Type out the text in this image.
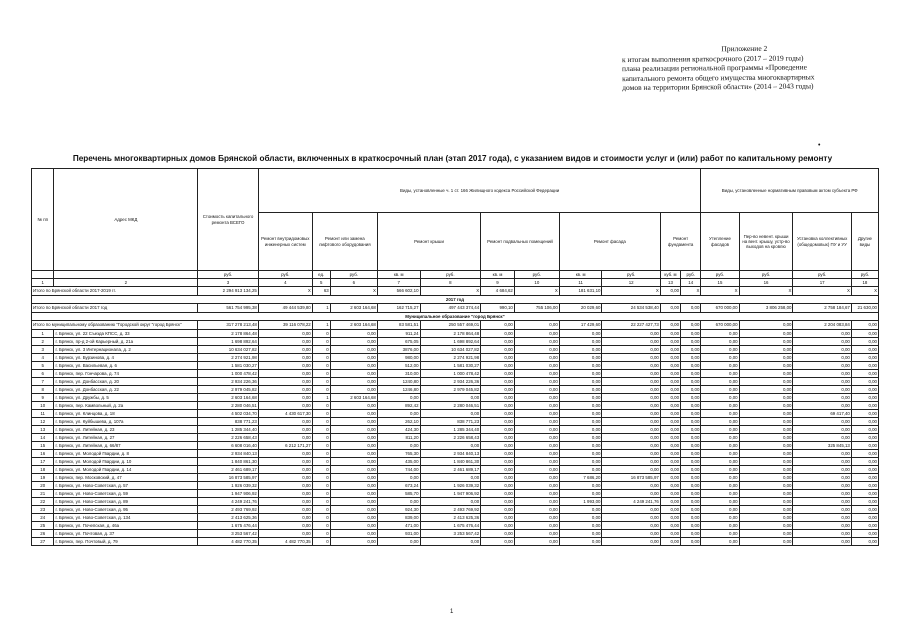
Приложение 2
к итогам выполнения краткосрочного (2017 – 2019 годы)
плана реализации региональной программы «Проведение
капитального ремонта общего имущества многоквартирных
домов на территории Брянской области» (2014 – 2043 годы)
•
Перечень многоквартирных домов Брянской области, включенных в краткосрочный план (этап 2017 года), с указанием видов и стоимости услуг и (или) работ по капитальному ремонту
№ пп	Адрес МКД	Стоимость капитального ремонта ВСЕГО	Виды, установленные ч. 1 ст. 166 Жилищного кодекса Российской Федерации											Виды, установленные нормативным правовым актом субъекта РФ			
			Ремонт внутридомовых инженерных систем	Ремонт или замена лифтового оборудования		Ремонт крыши		Ремонт подвальных помещений		Ремонт фасада		Ремонт фундамента		Утепление фасадов	Пер-во невент. крыши на вент. крышу, устр-во выходов на кровлю	Установка коллективных (общедомовых) ПУ и УУ	Другие виды
		руб.	руб.	ед.	руб.	кв. м	руб.	кв. м	руб.	кв. м	руб.	куб. м	руб.	руб.	руб.	руб.	руб.
1	2	3	4	5	6	7	8	9	10	11	12	13	14	15	16	17	18
Итого по Брянской области 2017-2019 гг.		2 294 913 134,25	X	63	X	566 602,10	X	4 684,62	X	181 631,10	X	0,00	X	X	X	X	X
2017 год																	
Итого по Брянской области 2017 год		561 754 995,38	49 444 539,80	1	2 603 164,68	162 715,27	497 443 374,44	990,10	755 106,00	20 029,60	24 534 538,40	0,00	0,00	670 000,00	3 806 258,00	2 758 184,67	21 630,00
Муниципальное образование "город Брянск"																	
Итого по муниципальному образованию "Городской округ "город Брянск"		317 278 213,48	39 116 078,22	1	2 603 164,68	83 581,51	250 557 469,01	0,00	0,00	17 429,60	22 227 427,73	0,00	0,00	670 000,00	0,00	2 204 083,84	0,00
1	г. Брянск, ул. 22 Съезда КПСС, д. 33	2 178 864,48	0,00	0	0,00	911,24	2 178 864,48	0,00	0,00	0,00	0,00	0,00	0,00	0,00	0,00	0,00	0,00
2	г. Брянск, пр-д 2-ой Карьерный, д. 21а	1 698 892,64	0,00	0	0,00	675,05	1 698 892,64	0,00	0,00	0,00	0,00	0,00	0,00	0,00	0,00	0,00	0,00
3	г. Брянск, ул. 3 Интернационала, д. 2	10 634 027,82	0,00	0	0,00	3876,00	10 634 027,82	0,00	0,00	0,00	0,00	0,00	0,00	0,00	0,00	0,00	0,00
4	г. Брянск, ул. Бурзинова, д. 4	2 274 921,98	0,00	0	0,00	980,00	2 274 921,98	0,00	0,00	0,00	0,00	0,00	0,00	0,00	0,00	0,00	0,00
5	г. Брянск, ул. Васильевая, д. 6	1 581 030,27	0,00	0	0,00	512,00	1 581 030,27	0,00	0,00	0,00	0,00	0,00	0,00	0,00	0,00	0,00	0,00
6	г. Брянск, пер. Гончарова, д. 74	1 000 478,42	0,00	0	0,00	310,00	1 000 478,42	0,00	0,00	0,00	0,00	0,00	0,00	0,00	0,00	0,00	0,00
7	г. Брянск, ул. Донбасская, д. 20	2 934 226,36	0,00	0	0,00	1240,80	2 934 226,36	0,00	0,00	0,00	0,00	0,00	0,00	0,00	0,00	0,00	0,00
8	г. Брянск, ул. Донбасская, д. 22	2 979 045,82	0,00	0	0,00	1246,80	2 979 045,82	0,00	0,00	0,00	0,00	0,00	0,00	0,00	0,00	0,00	0,00
9	г. Брянск, ул. Дружбы, д. 5	2 603 164,68	0,00	1	2 603 164,68	0,00	0,00	0,00	0,00	0,00	0,00	0,00	0,00	0,00	0,00	0,00	0,00
10	г. Брянск, пер. Камвольный, д. 2а	2 280 046,51	0,00	0	0,00	892,42	2 280 046,51	0,00	0,00	0,00	0,00	0,00	0,00	0,00	0,00	0,00	0,00
11	г. Брянск, ул. Клинцова, д. 18	4 502 034,70	4 430 617,30	0	0,00	0,00	0,00	0,00	0,00	0,00	0,00	0,00	0,00	0,00	0,00	69 417,40	0,00
12	г. Брянск, ул. Куйбышева, д. 107а	838 771,23	0,00	0	0,00	262,10	838 771,23	0,00	0,00	0,00	0,00	0,00	0,00	0,00	0,00	0,00	0,00
13	г. Брянск, ул. Литейная, д. 23	1 285 344,40	0,00	0	0,00	424,30	1 285 344,40	0,00	0,00	0,00	0,00	0,00	0,00	0,00	0,00	0,00	0,00
14	г. Брянск, ул. Литейная, д. 27	2 226 658,43	0,00	0	0,00	811,20	2 226 658,43	0,00	0,00	0,00	0,00	0,00	0,00	0,00	0,00	0,00	0,00
15	г. Брянск, ул. Литейная, д. 66/87	6 608 016,40	6 212 171,27	0	0,00	0,00	0,00	0,00	0,00	0,00	0,00	0,00	0,00	0,00	0,00	325 845,13	0,00
16	г. Брянск, ул. Молодой Гвардии, д. 8	2 934 840,13	0,00	0	0,00	765,30	2 934 840,13	0,00	0,00	0,00	0,00	0,00	0,00	0,00	0,00	0,00	0,00
17	г. Брянск, ул. Молодой Гвардии, д. 10	1 840 861,30	0,00	0	0,00	435,00	1 840 861,30	0,00	0,00	0,00	0,00	0,00	0,00	0,00	0,00	0,00	0,00
18	г. Брянск, ул. Молодой Гвардии, д. 14	2 461 689,17	0,00	0	0,00	744,00	2 461 689,17	0,00	0,00	0,00	0,00	0,00	0,00	0,00	0,00	0,00	0,00
19	г. Брянск, пер. Московский, д. 47	16 873 585,97	0,00	0	0,00	0,00	0,00	0,00	0,00	7 686,20	16 873 585,97	0,00	0,00	0,00	0,00	0,00	0,00
20	г. Брянск, ул. Ново-Советская, д. 57	1 926 039,32	0,00	0	0,00	673,24	1 926 039,32	0,00	0,00	0,00	0,00	0,00	0,00	0,00	0,00	0,00	0,00
21	г. Брянск, ул. Ново-Советская, д. 59	1 947 906,92	0,00	0	0,00	585,70	1 947 906,92	0,00	0,00	0,00	0,00	0,00	0,00	0,00	0,00	0,00	0,00
22	г. Брянск, ул. Ново-Советская, д. 89	4 249 241,76	0,00	0	0,00	0,00	0,00	0,00	0,00	1 993,00	4 249 241,76	0,00	0,00	0,00	0,00	0,00	0,00
23	г. Брянск, ул. Ново-Советская, д. 95	2 493 769,92	0,00	0	0,00	924,30	2 493 769,92	0,00	0,00	0,00	0,00	0,00	0,00	0,00	0,00	0,00	0,00
24	г. Брянск, ул. Ново-Советская, д. 134	2 413 625,36	0,00	0	0,00	839,00	2 413 625,36	0,00	0,00	0,00	0,00	0,00	0,00	0,00	0,00	0,00	0,00
25	г. Брянск, ул. Почепская, д. 46а	1 675 476,44	0,00	0	0,00	471,00	1 675 476,44	0,00	0,00	0,00	0,00	0,00	0,00	0,00	0,00	0,00	0,00
26	г. Брянск, ул. Почтовая, д. 37	3 253 567,42	0,00	0	0,00	931,00	3 253 567,42	0,00	0,00	0,00	0,00	0,00	0,00	0,00	0,00	0,00	0,00
27	г. Брянск, пер. Почтовый, д. 79	4 482 770,35	4 482 770,35	0	0,00	0,00	0,00	0,00	0,00	0,00	0,00	0,00	0,00	0,00	0,00	0,00	0,00
1
